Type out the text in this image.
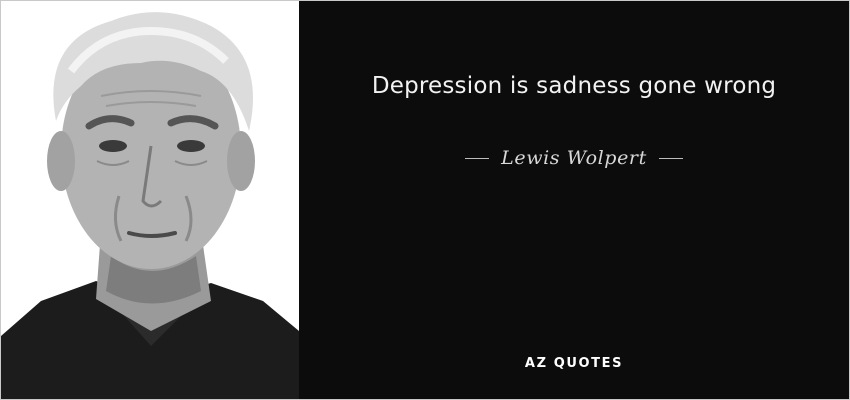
Depression is sadness gone wrong
Lewis Wolpert
AZ QUOTES
